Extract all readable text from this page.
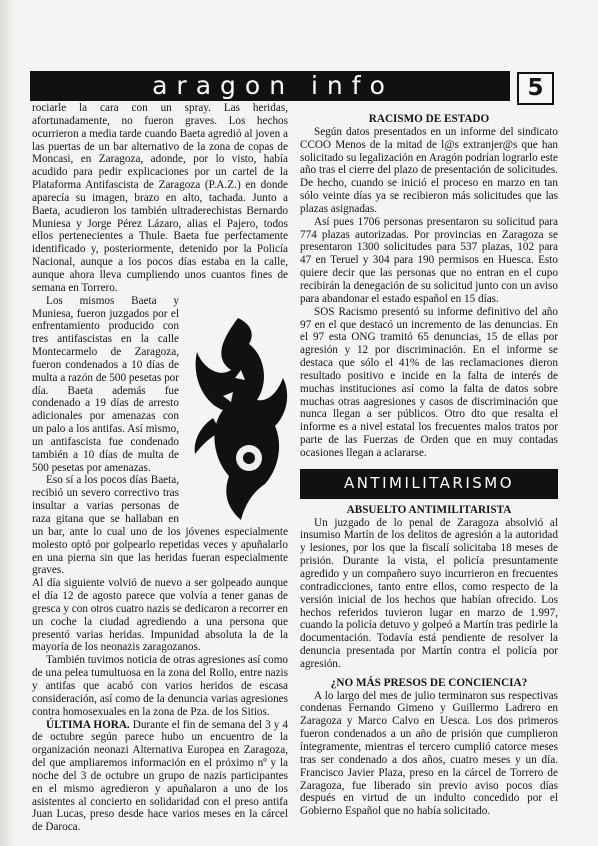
aragon info	5

rociarle la cara con un spray. Las heridas, afortunadamente, no fueron graves. Los hechos ocurrieron a media tarde cuando Baeta agredió al joven a las puertas de un bar alternativo de la zona de copas de Moncasi, en Zaragoza, adonde, por lo visto, había acudido para pedir explicaciones por un cartel de la Plataforma Antifascista de Zaragoza (P.A.Z.) en donde aparecía su imagen, brazo en alto, tachada. Junto a Baeta, acudieron los también ultraderechistas Bernardo Muniesa y Jorge Pérez Lázaro, alias el Pajero, todos ellos pertenecientes a Thule. Baeta fue perfectamente identificado y, posteriormente, detenido por la Policía Nacional, aunque a los pocos días estaba en la calle, aunque ahora lleva cumpliendo unos cuantos fines de semana en Torrero.

Los mismos Baeta y Muniesa, fueron juzgados por el enfrentamiento producido con tres antifascistas en la calle Montecarmelo de Zaragoza, fueron condenados a 10 días de multa a razón de 500 pesetas por día. Baeta además fue condenado a 19 días de arresto adicionales por amenazas con un palo a los antifas. Así mismo, un antifascista fue condenado también a 10 días de multa de 500 pesetas por amenazas.

Eso sí a los pocos días Baeta, recibió un severo correctivo tras insultar a varias personas de raza gitana que se hallaban en un bar, ante lo cual uno de los jóvenes especialmente molesto optó por golpearlo repetidas veces y apuñalarlo en una pierna sin que las heridas fueran especialmente graves.

Al día siguiente volvió de nuevo a ser golpeado aunque el día 12 de agosto parece que volvía a tener ganas de gresca y con otros cuatro nazis se dedicaron a recorrer en un coche la ciudad agrediendo a una persona que presentó varias heridas. Impunidad absoluta la de la mayoría de los neonazis zaragozanos.

También tuvimos noticia de otras agresiones así como de una pelea tumultuosa en la zona del Rollo, entre nazis y antifas que acabó con varios heridos de escasa consideración, así como de la denuncia varias agresiones contra homosexuales en la zona de Pza. de los Sitios.

ÚLTIMA HORA. Durante el fin de semana del 3 y 4 de octubre según parece hubo un encuentro de la organización neonazi Alternativa Europea en Zaragoza, del que ampliaremos información en el próximo nº y la noche del 3 de octubre un grupo de nazis participantes en el mismo agredieron y apuñalaron a uno de los asistentes al concierto en solidaridad con el preso antifa Juan Lucas, preso desde hace varios meses en la cárcel de Daroca.

RACISMO DE ESTADO

Según datos presentados en un informe del sindicato CCOO Menos de la mitad de l@s extranjer@s que han solicitado su legalización en Aragón podrían lograrlo este año tras el cierre del plazo de presentación de solicitudes. De hecho, cuando se inició el proceso en marzo en tan sólo veinte días ya se recibieron más solicitudes que las plazas asignadas.

Así pues 1706 personas presentaron su solicitud para 774 plazas autorizadas. Por provincias en Zaragoza se presentaron 1300 solicitudes para 537 plazas, 102 para 47 en Teruel y 304 para 190 permisos en Huesca. Esto quiere decir que las personas que no entran en el cupo recibirán la denegación de su solicitud junto con un aviso para abandonar el estado español en 15 días.

SOS Racismo presentó su informe definitivo del año 97 en el que destacó un incremento de las denuncias. En el 97 esta ONG tramitó 65 denuncias, 15 de ellas por agresión y 12 por discriminación. En el informe se destaca que sólo el 41% de las reclamaciones dieron resultado positivo e incide en la falta de interés de muchas instituciones así como la falta de datos sobre muchas otras aagresiones y casos de discriminación que nunca llegan a ser públicos. Otro dto que resalta el informe es a nivel estatal los frecuentes malos tratos por parte de las Fuerzas de Orden que en muy contadas ocasiones llegan a aclararse.

ANTIMILITARISMO

ABSUELTO ANTIMILITARISTA

Un juzgado de lo penal de Zaragoza absolvió al insumiso Martín de los delitos de agresión a la autoridad y lesiones, por los que la fiscalí solicitaba 18 meses de prisión. Durante la vista, el policía presuntamente agredido y un compañero suyo incurrieron en frecuentes contradicciones, tanto entre ellos, como respecto de la versión inicial de los hechos que habían ofrecido. Los hechos referidos tuvieron lugar en marzo de 1.997, cuando la policía detuvo y golpeó a Martín tras pedirle la documentación. Todavía está pendiente de resolver la denuncia presentada por Martín contra el policía por agresión.

¿NO MÁS PRESOS DE CONCIENCIA?

A lo largo del mes de julio terminaron sus respectivas condenas Fernando Gimeno y Guillermo Ladrero en Zaragoza y Marco Calvo en Uesca. Los dos primeros fueron condenados a un año de prisión que cumplieron íntegramente, mientras el tercero cumplió catorce meses tras ser condenado a dos años, cuatro meses y un día. Francisco Javier Plaza, preso en la cárcel de Torrero de Zaragoza, fue liberado sin previo aviso pocos días después en virtud de un indulto concedido por el Gobierno Español que no había solicitado.
